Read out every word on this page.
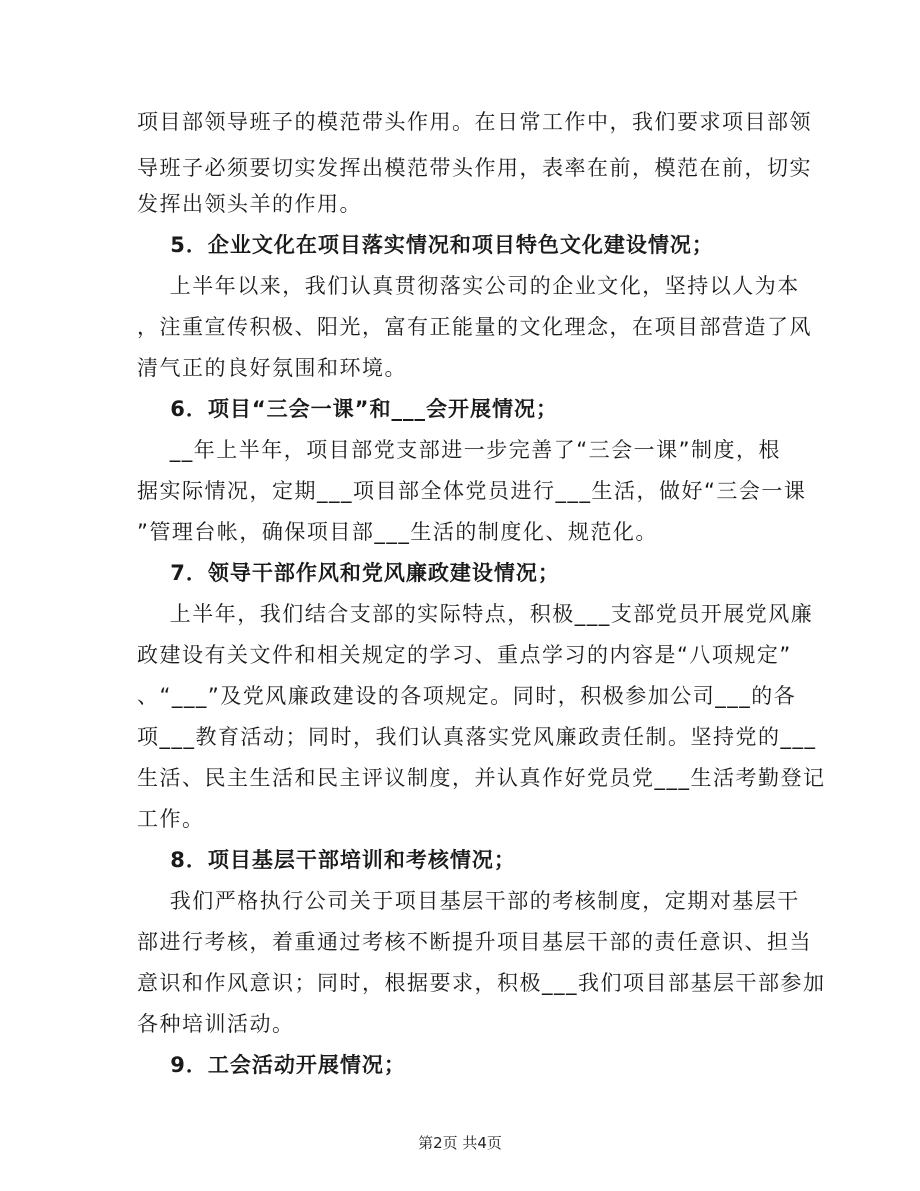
项目部领导班子的模范带头作用。在日常工作中，我们要求项目部领
导班子必须要切实发挥出模范带头作用，表率在前，模范在前，切实
发挥出领头羊的作用。
5．企业文化在项目落实情况和项目特色文化建设情况；
上半年以来，我们认真贯彻落实公司的企业文化，坚持以人为本
，注重宣传积极、阳光，富有正能量的文化理念，在项目部营造了风
清气正的良好氛围和环境。
6．项目“三会一课”和___会开展情况；
__年上半年，项目部党支部进一步完善了“三会一课”制度，根
据实际情况，定期___项目部全体党员进行___生活，做好“三会一课
”管理台帐，确保项目部___生活的制度化、规范化。
7．领导干部作风和党风廉政建设情况；
上半年，我们结合支部的实际特点，积极___支部党员开展党风廉
政建设有关文件和相关规定的学习、重点学习的内容是“八项规定”
、“___”及党风廉政建设的各项规定。同时，积极参加公司___的各
项___教育活动；同时，我们认真落实党风廉政责任制。坚持党的___
生活、民主生活和民主评议制度，并认真作好党员党___生活考勤登记
工作。
8．项目基层干部培训和考核情况；
我们严格执行公司关于项目基层干部的考核制度，定期对基层干
部进行考核，着重通过考核不断提升项目基层干部的责任意识、担当
意识和作风意识；同时，根据要求，积极___我们项目部基层干部参加
各种培训活动。
9．工会活动开展情况；
第2页 共4页
